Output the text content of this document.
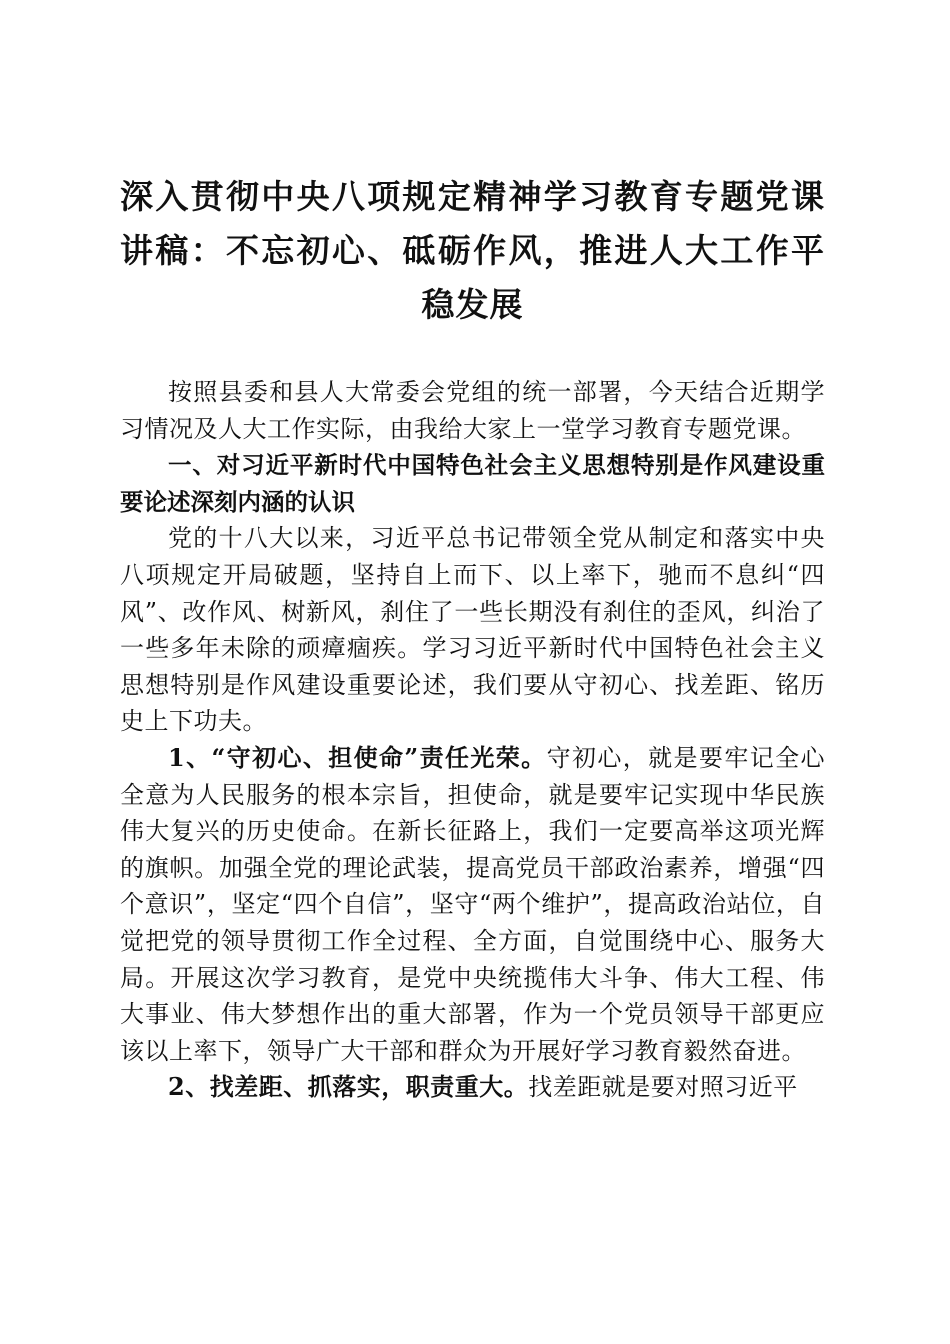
深入贯彻中央八项规定精神学习教育专题党课讲稿：不忘初心、砥砺作风，推进人大工作平稳发展

按照县委和县人大常委会党组的统一部署，今天结合近期学习情况及人大工作实际，由我给大家上一堂学习教育专题党课。

一、对习近平新时代中国特色社会主义思想特别是作风建设重要论述深刻内涵的认识

党的十八大以来，习近平总书记带领全党从制定和落实中央八项规定开局破题，坚持自上而下、以上率下，驰而不息纠“四风”、改作风、树新风，刹住了一些长期没有刹住的歪风，纠治了一些多年未除的顽瘴痼疾。学习习近平新时代中国特色社会主义思想特别是作风建设重要论述，我们要从守初心、找差距、铭历史上下功夫。

1、“守初心、担使命”责任光荣。守初心，就是要牢记全心全意为人民服务的根本宗旨，担使命，就是要牢记实现中华民族伟大复兴的历史使命。在新长征路上，我们一定要高举这项光辉的旗帜。加强全党的理论武装，提高党员干部政治素养，增强“四个意识”，坚定“四个自信”，坚守“两个维护”，提高政治站位，自觉把党的领导贯彻工作全过程、全方面，自觉围绕中心、服务大局。开展这次学习教育，是党中央统揽伟大斗争、伟大工程、伟大事业、伟大梦想作出的重大部署，作为一个党员领导干部更应该以上率下，领导广大干部和群众为开展好学习教育毅然奋进。

2、找差距、抓落实，职责重大。找差距就是要对照习近平
